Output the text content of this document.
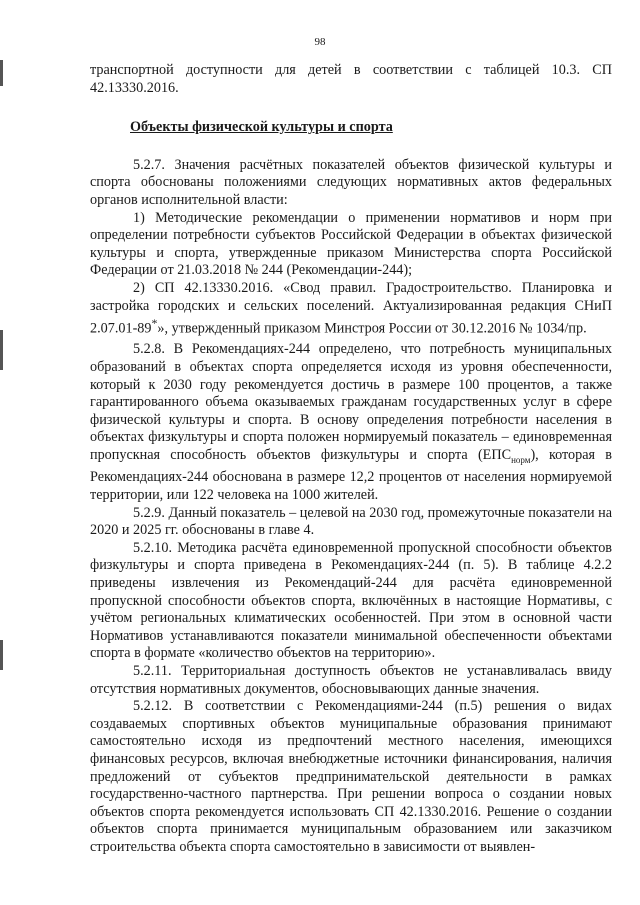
98

транспортной доступности для детей в соответствии с таблицей 10.3. СП 42.13330.2016.

Объекты физической культуры и спорта

5.2.7. Значения расчётных показателей объектов физической культуры и спорта обоснованы положениями следующих нормативных актов федеральных органов исполнительной власти:

1) Методические рекомендации о применении нормативов и норм при определении потребности субъектов Российской Федерации в объектах физической культуры и спорта, утвержденные приказом Министерства спорта Российской Федерации от 21.03.2018 № 244 (Рекомендации-244);

2) СП 42.13330.2016. «Свод правил. Градостроительство. Планировка и застройка городских и сельских поселений. Актуализированная редакция СНиП 2.07.01-89*», утвержденный приказом Минстроя России от 30.12.2016 № 1034/пр.

5.2.8. В Рекомендациях-244 определено, что потребность муниципальных образований в объектах спорта определяется исходя из уровня обеспеченности, который к 2030 году рекомендуется достичь в размере 100 процентов, а также гарантированного объема оказываемых гражданам государственных услуг в сфере физической культуры и спорта. В основу определения потребности населения в объектах физкультуры и спорта положен нормируемый показатель – единовременная пропускная способность объектов физкультуры и спорта $(ЕПС_{норм})$, которая в Рекомендациях-244 обоснована в размере 12,2 процентов от населения нормируемой территории, или 122 человека на 1000 жителей.

5.2.9. Данный показатель – целевой на 2030 год, промежуточные показатели на 2020 и 2025 гг. обоснованы в главе 4.

5.2.10. Методика расчёта единовременной пропускной способности объектов физкультуры и спорта приведена в Рекомендациях-244 (п. 5). В таблице 4.2.2 приведены извлечения из Рекомендаций-244 для расчёта единовременной пропускной способности объектов спорта, включённых в настоящие Нормативы, с учётом региональных климатических особенностей. При этом в основной части Нормативов устанавливаются показатели минимальной обеспеченности объектами спорта в формате «количество объектов на территорию».

5.2.11. Территориальная доступность объектов не устанавливалась ввиду отсутствия нормативных документов, обосновывающих данные значения.

5.2.12. В соответствии с Рекомендациями-244 (п.5) решения о видах создаваемых спортивных объектов муниципальные образования принимают самостоятельно исходя из предпочтений местного населения, имеющихся финансовых ресурсов, включая внебюджетные источники финансирования, наличия предложений от субъектов предпринимательской деятельности в рамках государственно-частного партнерства. При решении вопроса о создании новых объектов спорта рекомендуется использовать СП 42.1330.2016. Решение о создании объектов спорта принимается муниципальным образованием или заказчиком строительства объекта спорта самостоятельно в зависимости от выявлен-
